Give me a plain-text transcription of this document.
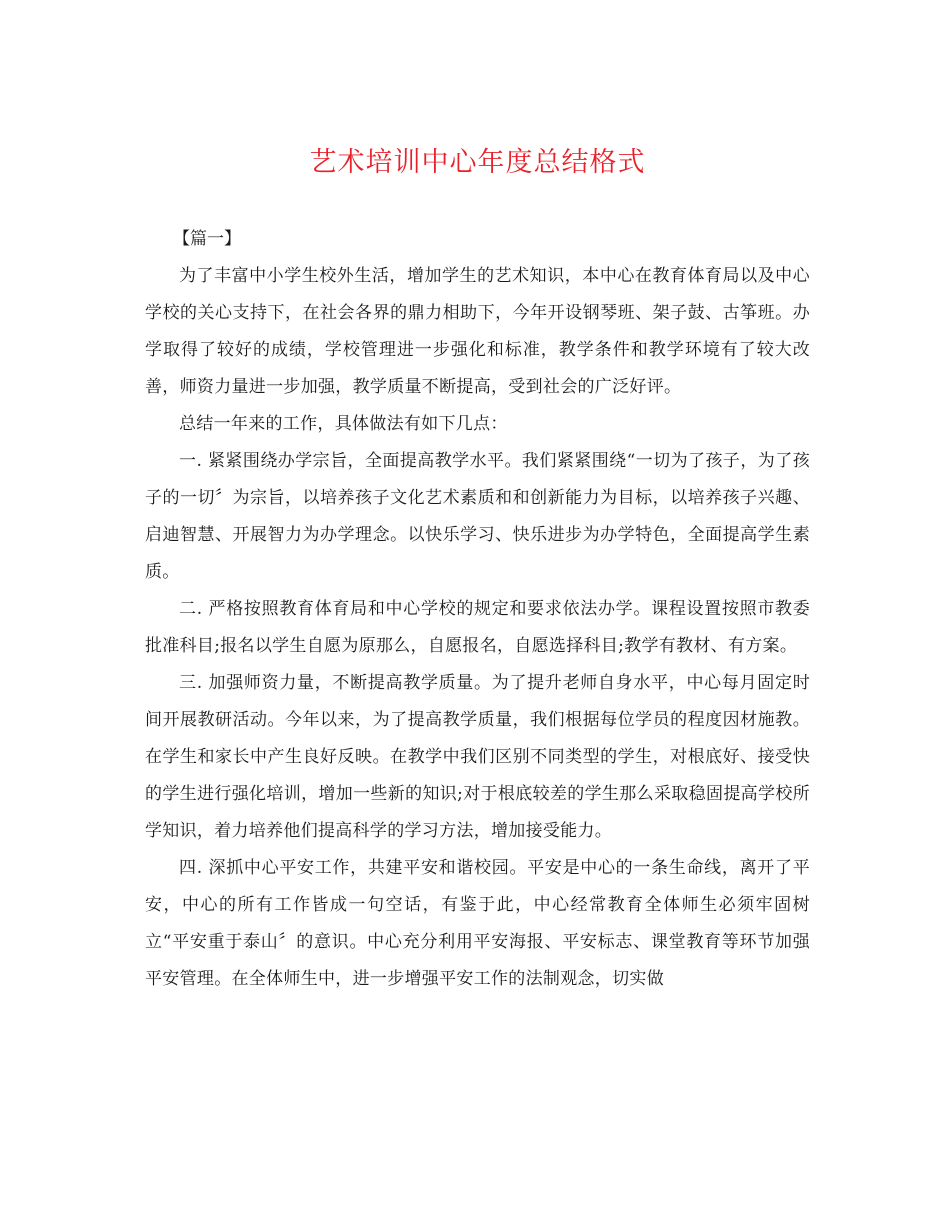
艺术培训中心年度总结格式

【篇一】

为了丰富中小学生校外生活，增加学生的艺术知识，本中心在教育体育局以及中心学校的关心支持下，在社会各界的鼎力相助下，今年开设钢琴班、架子鼓、古筝班。办学取得了较好的成绩，学校管理进一步强化和标准，教学条件和教学环境有了较大改善，师资力量进一步加强，教学质量不断提高，受到社会的广泛好评。

总结一年来的工作，具体做法有如下几点：

一. 紧紧围绕办学宗旨，全面提高教学水平。我们紧紧围绕“一切为了孩子，为了孩子的一切〞为宗旨，以培养孩子文化艺术素质和和创新能力为目标，以培养孩子兴趣、启迪智慧、开展智力为办学理念。以快乐学习、快乐进步为办学特色，全面提高学生素质。

二. 严格按照教育体育局和中心学校的规定和要求依法办学。课程设置按照市教委批准科目;报名以学生自愿为原那么，自愿报名，自愿选择科目;教学有教材、有方案。

三. 加强师资力量，不断提高教学质量。为了提升老师自身水平，中心每月固定时间开展教研活动。今年以来，为了提高教学质量，我们根据每位学员的程度因材施教。在学生和家长中产生良好反映。在教学中我们区别不同类型的学生，对根底好、接受快的学生进行强化培训，增加一些新的知识;对于根底较差的学生那么采取稳固提高学校所学知识，着力培养他们提高科学的学习方法，增加接受能力。

四. 深抓中心平安工作，共建平安和谐校园。平安是中心的一条生命线，离开了平安，中心的所有工作皆成一句空话，有鉴于此，中心经常教育全体师生必须牢固树立“平安重于泰山〞的意识。中心充分利用平安海报、平安标志、课堂教育等环节加强平安管理。在全体师生中，进一步增强平安工作的法制观念，切实做
